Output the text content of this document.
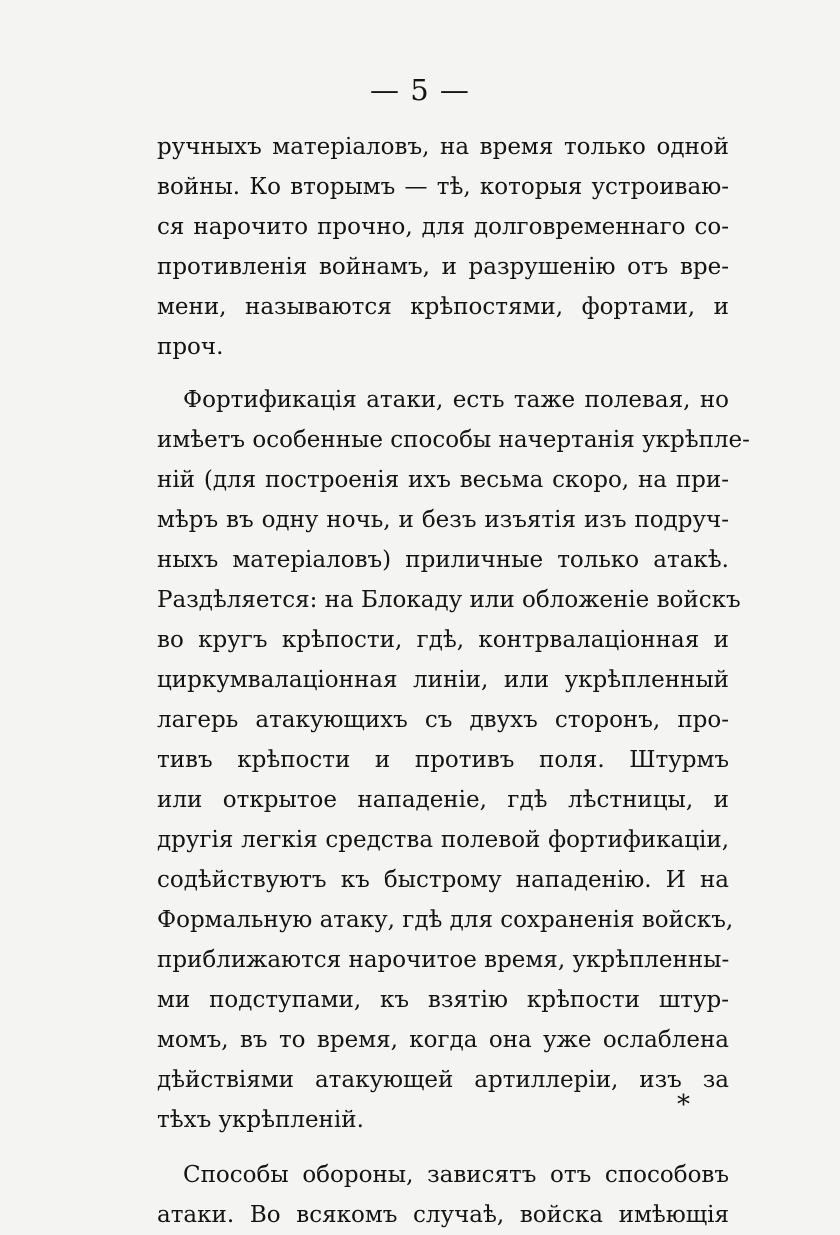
— 5 —
ручныхъ матеріаловъ, на время только одной
войны. Ко вторымъ — тѣ, которыя устроиваю-
ся нарочито прочно, для долговременнаго со-
противленія войнамъ, и разрушенію отъ вре-
мени, называются крѣпостями, фортами, и
проч.
Фортификація атаки, есть таже полевая, но
имѣетъ особенные способы начертанія укрѣпле-
ній (для построенія ихъ весьма скоро, на при-
мѣръ въ одну ночь, и безъ изъятія изъ подруч-
ныхъ матеріаловъ) приличные только атакѣ.
Раздѣляется: на Блокаду или обложеніе войскъ
во кругъ крѣпости, гдѣ, контрвалаціонная и
циркумвалаціонная линіи, или укрѣпленный
лагерь атакующихъ съ двухъ сторонъ, про-
тивъ крѣпости и противъ поля. Штурмъ
или открытое нападеніе, гдѣ лѣстницы, и
другія легкія средства полевой фортификаціи,
содѣйствуютъ къ быстрому нападенію. И на
Формальную атаку, гдѣ для сохраненія войскъ,
приближаются нарочитое время, укрѣпленны-
ми подступами, къ взятію крѣпости штур-
момъ, въ то время, когда она уже ослаблена
дѣйствіями атакующей артиллеріи, изъ за
тѣхъ укрѣпленій.
Способы обороны, зависятъ отъ способовъ
атаки. Во всякомъ случаѣ, войска имѣющія
*
